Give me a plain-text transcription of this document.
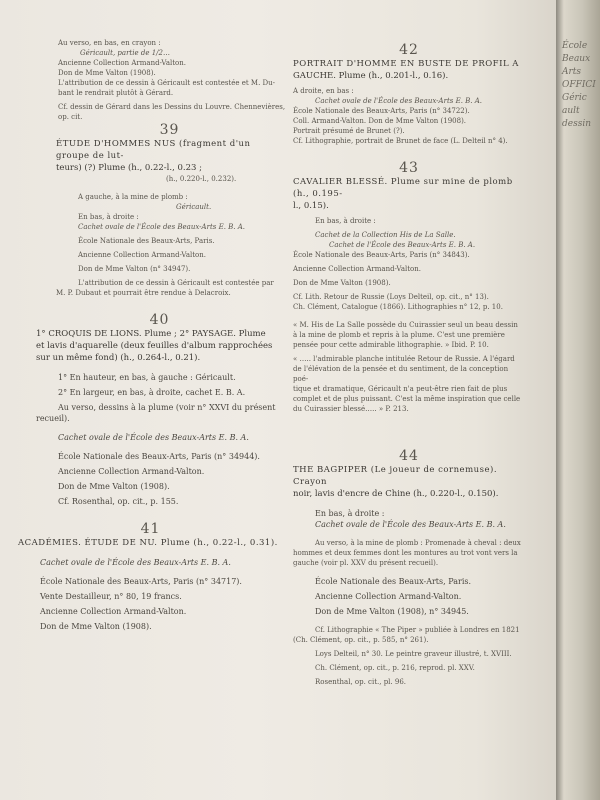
Au verso, en bas, en crayon :

Géricault, partie de 1/2…

Ancienne Collection Armand-Valton.

Don de Mme Valton (1908).

L'attribution de ce dessin à Géricault est contestée et M. Du-

bant le rendrait plutôt à Gérard.

Cf. dessin de Gérard dans les Dessins du Louvre. Chennevières,

op. cit.

39

ÉTUDE D'HOMMES NUS (fragment d'un groupe de lut-

teurs) (?) Plume (h., 0.22-l., 0.23 ;

(h., 0.220-l., 0.232).

A gauche, à la mine de plomb :

Géricault.

En bas, à droite :

Cachet ovale de l'École des Beaux-Arts E. B. A.

École Nationale des Beaux-Arts, Paris.

Ancienne Collection Armand-Valton.

Don de Mme Valton (n° 34947).

L'attribution de ce dessin à Géricault est contestée par

M. P. Dubaut et pourrait être rendue à Delacroix.

40

1° CROQUIS DE LIONS. Plume ; 2° PAYSAGE. Plume

et lavis d'aquarelle (deux feuilles d'album rapprochées

sur un même fond) (h., 0.264-l., 0.21).

1° En hauteur, en bas, à gauche : Géricault.

2° En largeur, en bas, à droite, cachet E. B. A.

Au verso, dessins à la plume (voir n° XXVI du présent

recueil).

Cachet ovale de l'École des Beaux-Arts E. B. A.

École Nationale des Beaux-Arts, Paris (n° 34944).

Ancienne Collection Armand-Valton.

Don de Mme Valton (1908).

Cf. Rosenthal, op. cit., p. 155.

41

ACADÉMIES. ÉTUDE DE NU. Plume (h., 0.22-l., 0.31).

Cachet ovale de l'École des Beaux-Arts E. B. A.

École Nationale des Beaux-Arts, Paris (n° 34717).

Vente Destailleur, n° 80, 19 francs.

Ancienne Collection Armand-Valton.

Don de Mme Valton (1908).

42

PORTRAIT D'HOMME EN BUSTE DE PROFIL A

GAUCHE. Plume (h., 0.201-l., 0.16).

A droite, en bas :

Cachet ovale de l'École des Beaux-Arts E. B. A.

École Nationale des Beaux-Arts, Paris (n° 34722).

Coll. Armand-Valton. Don de Mme Valton (1908).

Portrait présumé de Brunet (?).

Cf. Lithographie, portrait de Brunet de face (L. Delteil n° 4).

43

CAVALIER BLESSÉ. Plume sur mine de plomb (h., 0.195-

l., 0.15).

En bas, à droite :

Cachet de la Collection His de La Salle.

Cachet de l'École des Beaux-Arts E. B. A.

École Nationale des Beaux-Arts, Paris (n° 34843).

Ancienne Collection Armand-Valton.

Don de Mme Valton (1908).

Cf. Lith. Retour de Russie (Loys Delteil, op. cit., n° 13).

Ch. Clément, Catalogue (1866). Lithographies n° 12, p. 10.

« M. His de La Salle possède du Cuirassier seul un beau dessin

à la mine de plomb et repris à la plume. C'est une première

pensée pour cette admirable lithographie. » Ibid. P. 10.

« ….. l'admirable planche intitulée Retour de Russie. A l'égard

de l'élévation de la pensée et du sentiment, de la conception poé-

tique et dramatique, Géricault n'a peut-être rien fait de plus

complet et de plus puissant. C'est la même inspiration que celle

du Cuirassier blessé….. » P. 213.

44

THE BAGPIPER (Le joueur de cornemuse). Crayon

noir, lavis d'encre de Chine (h., 0.220-l., 0.150).

En bas, à droite :

Cachet ovale de l'École des Beaux-Arts E. B. A.

Au verso, à la mine de plomb : Promenade à cheval : deux

hommes et deux femmes dont les montures au trot vont vers la

gauche (voir pl. XXV du présent recueil).

École Nationale des Beaux-Arts, Paris.

Ancienne Collection Armand-Valton.

Don de Mme Valton (1908), n° 34945.

Cf. Lithographie « The Piper » publiée à Londres en 1821

(Ch. Clément, op. cit., p. 585, n° 261).

Loys Delteil, n° 30. Le peintre graveur illustré, t. XVIII.

Ch. Clément, op. cit., p. 216, reprod. pl. XXV.

Rosenthal, op. cit., pl. 96.

École
Beaux
Arts
OFFICI
Géric
ault
dessin
